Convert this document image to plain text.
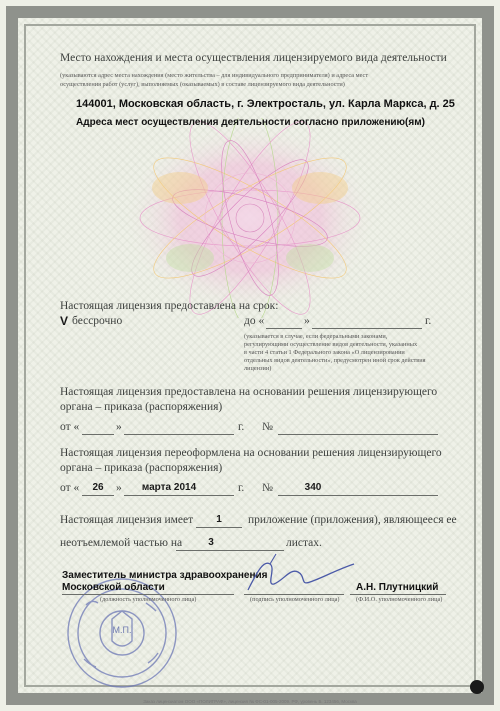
Место нахождения и места осуществления лицензируемого вида деятельности
(указываются адрес места нахождения (место жительства – для индивидуального предпринимателя) и адреса мест
осуществления работ (услуг), выполняемых (оказываемых) в составе лицензируемого вида деятельности)
144001, Московская область, г. Электросталь, ул. Карла Маркса, д. 25
Адреса мест осуществления деятельности согласно приложению(ям)
Настоящая лицензия предоставлена на срок:
V бессрочно	до «	»	г.
(указывается в случае, если федеральными законами,
регулирующими осуществление видов деятельности, указанных
в части 4 статьи 1 Федерального закона «О лицензировании
отдельных видов деятельности», предусмотрен иной срок действия
лицензии)
Настоящая лицензия предоставлена на основании решения лицензирующего
органа – приказа (распоряжения)
от «	»	г. №
Настоящая лицензия переоформлена на основании решения лицензирующего
органа – приказа (распоряжения)
от «	26	»	марта 2014	г. №	340
Настоящая лицензия имеет	1	приложение (приложения), являющееся ее
неотъемлемой частью на	3	листах.
М.П.
Заместитель министра здравоохранения
Московской области
(должность уполномоченного лица)	(подпись уполномоченного лица)
А.Н. Плутницкий
(Ф.И.О. уполномоченного лица)
Заказ лицензиатом ООО «ПОЛИГРАФ», лицензия № ФС-01-005-2009. РФ, уровень Б. 123456, Москва
